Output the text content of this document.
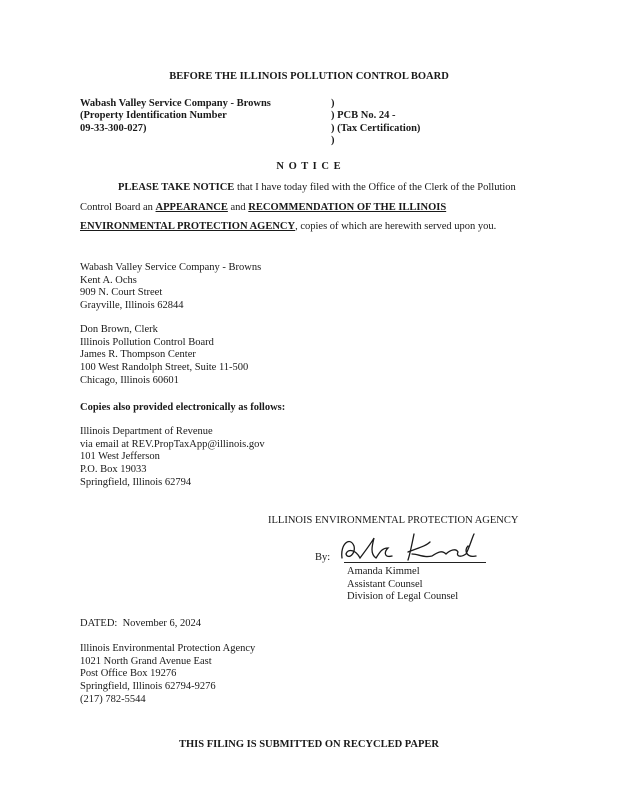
BEFORE THE ILLINOIS POLLUTION CONTROL BOARD
Wabash Valley Service Company - Browns
(Property Identification Number
09-33-300-027)
)
) PCB No. 24 -
) (Tax Certification)
)
N O T I C E
PLEASE TAKE NOTICE that I have today filed with the Office of the Clerk of the Pollution
Control Board an APPEARANCE and RECOMMENDATION OF THE ILLINOIS
ENVIRONMENTAL PROTECTION AGENCY, copies of which are herewith served upon you.
Wabash Valley Service Company - Browns
Kent A. Ochs
909 N. Court Street
Grayville, Illinois 62844
Don Brown, Clerk
Illinois Pollution Control Board
James R. Thompson Center
100 West Randolph Street, Suite 11-500
Chicago, Illinois 60601
Copies also provided electronically as follows:
Illinois Department of Revenue
via email at REV.PropTaxApp@illinois.gov
101 West Jefferson
P.O. Box 19033
Springfield, Illinois 62794
ILLINOIS ENVIRONMENTAL PROTECTION AGENCY
By:
Amanda Kimmel
Assistant Counsel
Division of Legal Counsel
DATED: November 6, 2024
Illinois Environmental Protection Agency
1021 North Grand Avenue East
Post Office Box 19276
Springfield, Illinois 62794-9276
(217) 782-5544
THIS FILING IS SUBMITTED ON RECYCLED PAPER
